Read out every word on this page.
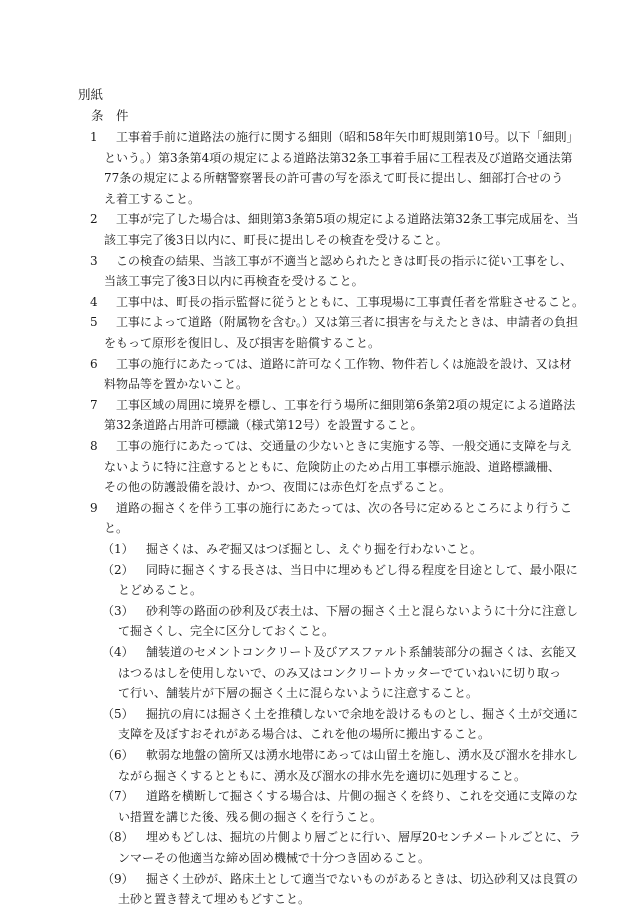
別紙
条　件
1 工事着手前に道路法の施行に関する細則（昭和58年矢巾町規則第10号。以下「細則」
という。）第3条第4項の規定による道路法第32条工事着手届に工程表及び道路交通法第
77条の規定による所轄警察署長の許可書の写を添えて町長に提出し、細部打合せのう
え着工すること。
2 工事が完了した場合は、細則第3条第5項の規定による道路法第32条工事完成届を、当
該工事完了後3日以内に、町長に提出しその検査を受けること。
3 この検査の結果、当該工事が不適当と認められたときは町長の指示に従い工事をし、
当該工事完了後3日以内に再検査を受けること。
4 工事中は、町長の指示監督に従うとともに、工事現場に工事責任者を常駐させること。
5 工事によって道路（附属物を含む。）又は第三者に損害を与えたときは、申請者の負担
をもって原形を復旧し、及び損害を賠償すること。
6 工事の施行にあたっては、道路に許可なく工作物、物件若しくは施設を設け、又は材
料物品等を置かないこと。
7 工事区域の周囲に境界を標し、工事を行う場所に細則第6条第2項の規定による道路法
第32条道路占用許可標識（様式第12号）を設置すること。
8 工事の施行にあたっては、交通量の少ないときに実施する等、一般交通に支障を与え
ないように特に注意するとともに、危険防止のため占用工事標示施設、道路標識柵、
その他の防護設備を設け、かつ、夜間には赤色灯を点ずること。
9 道路の掘さくを伴う工事の施行にあたっては、次の各号に定めるところにより行うこ
と。
（1） 掘さくは、みぞ掘又はつぼ掘とし、えぐり掘を行わないこと。
（2） 同時に掘さくする長さは、当日中に埋めもどし得る程度を目途として、最小限に
とどめること。
（3） 砂利等の路面の砂利及び表土は、下層の掘さく土と混らないように十分に注意し
て掘さくし、完全に区分しておくこと。
（4） 舗装道のセメントコンクリート及びアスファルト系舗装部分の掘さくは、玄能又
はつるはしを使用しないで、のみ又はコンクリートカッターでていねいに切り取っ
て行い、舗装片が下層の掘さく土に混らないように注意すること。
（5） 掘抗の肩には掘さく土を推積しないで余地を設けるものとし、掘さく土が交通に
支障を及ぼすおそれがある場合は、これを他の場所に搬出すること。
（6） 軟弱な地盤の箇所又は湧水地帯にあっては山留土を施し、湧水及び溜水を排水し
ながら掘さくするとともに、湧水及び溜水の排水先を適切に処理すること。
（7） 道路を横断して掘さくする場合は、片側の掘さくを終り、これを交通に支障のな
い措置を講じた後、残る側の掘さくを行うこと。
（8） 埋めもどしは、掘坑の片側より層ごとに行い、層厚20センチメートルごとに、ラ
ンマーその他適当な締め固め機械で十分つき固めること。
（9） 掘さく土砂が、路床土として適当でないものがあるときは、切込砂利又は良質の
土砂と置き替えて埋めもどすこと。
